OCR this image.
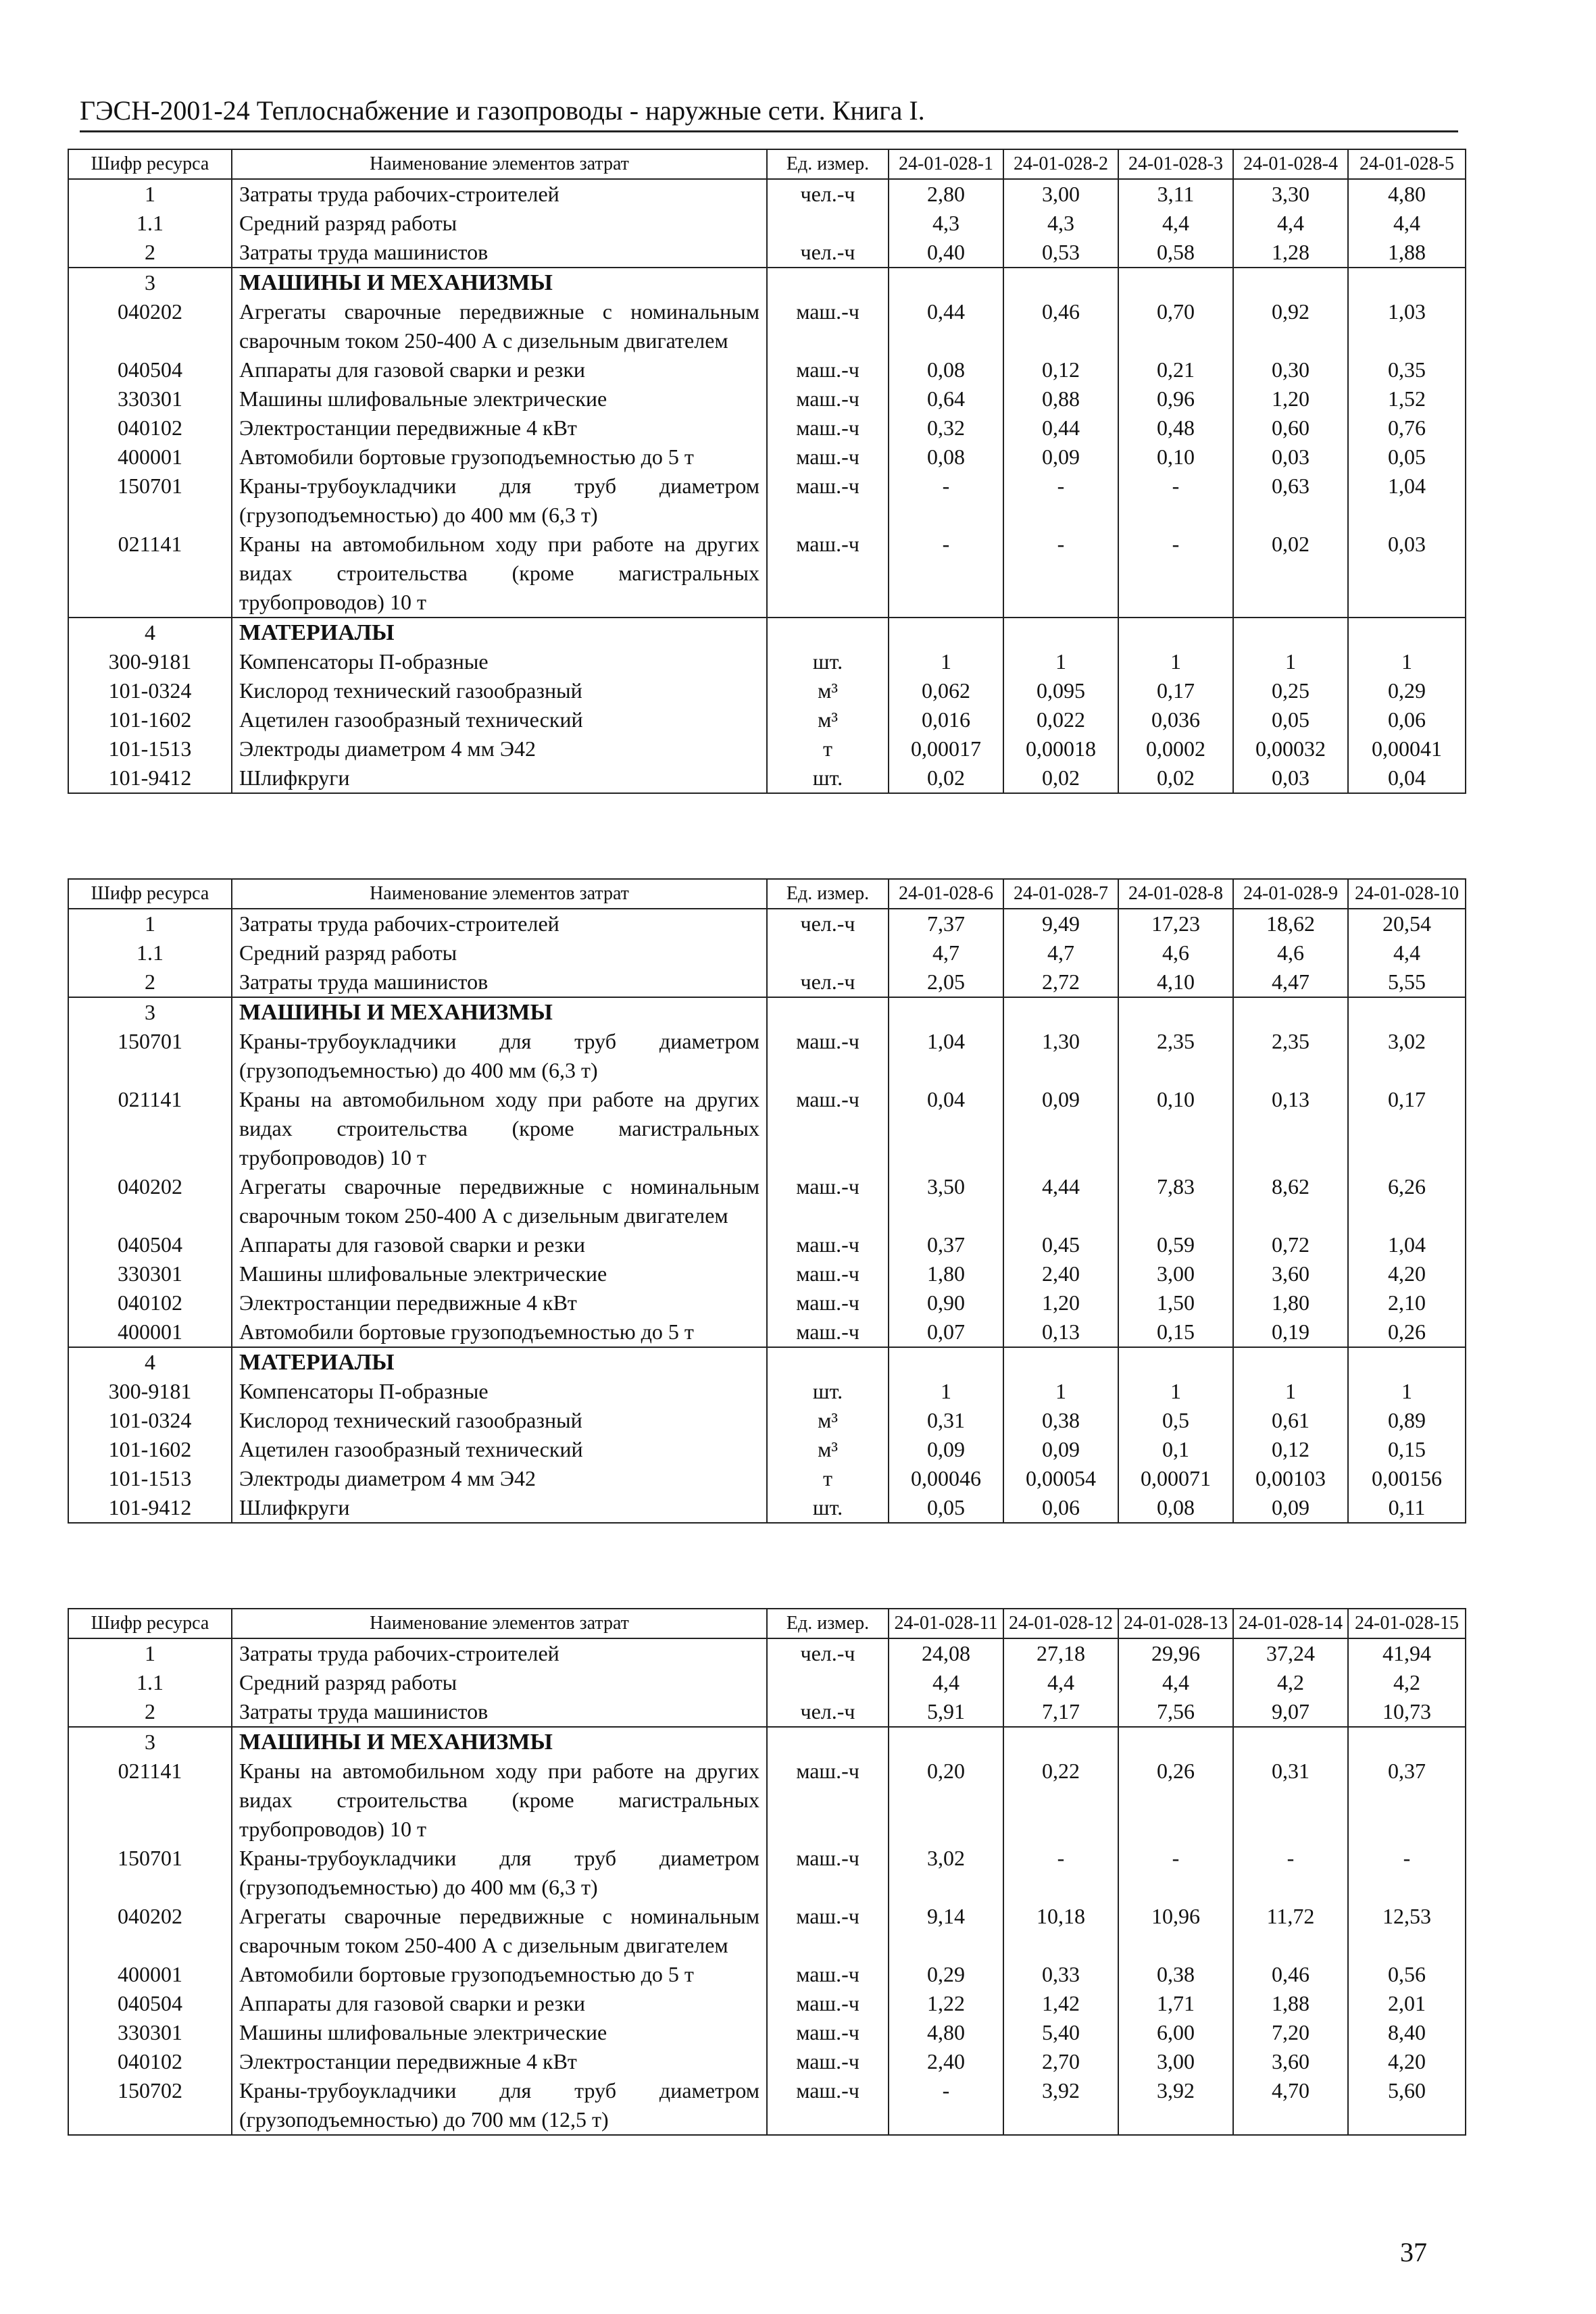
ГЭСН-2001-24 Теплоснабжение и газопроводы - наружные сети. Книга I.
Шифр ресурса	Наименование элементов затрат	Ед. измер.	24-01-028-1	24-01-028-2	24-01-028-3	24-01-028-4	24-01-028-5
1	Затраты труда рабочих-строителей	чел.-ч	2,80	3,00	3,11	3,30	4,80
1.1	Средний разряд работы		4,3	4,3	4,4	4,4	4,4
2	Затраты труда машинистов	чел.-ч	0,40	0,53	0,58	1,28	1,88
3	МАШИНЫ И МЕХАНИЗМЫ						
040202	Агрегаты сварочные передвижные с номинальным сварочным током 250-400 А с дизельным двигателем	маш.-ч	0,44	0,46	0,70	0,92	1,03
040504	Аппараты для газовой сварки и резки	маш.-ч	0,08	0,12	0,21	0,30	0,35
330301	Машины шлифовальные электрические	маш.-ч	0,64	0,88	0,96	1,20	1,52
040102	Электростанции передвижные 4 кВт	маш.-ч	0,32	0,44	0,48	0,60	0,76
400001	Автомобили бортовые грузоподъемностью до 5 т	маш.-ч	0,08	0,09	0,10	0,03	0,05
150701	Краны-трубоукладчики для труб диаметром (грузоподъемностью) до 400 мм (6,3 т)	маш.-ч	-	-	-	0,63	1,04
021141	Краны на автомобильном ходу при работе на других видах строительства (кроме магистральных трубопроводов) 10 т	маш.-ч	-	-	-	0,02	0,03
4	МАТЕРИАЛЫ						
300-9181	Компенсаторы П-образные	шт.	1	1	1	1	1
101-0324	Кислород технический газообразный	м³	0,062	0,095	0,17	0,25	0,29
101-1602	Ацетилен газообразный технический	м³	0,016	0,022	0,036	0,05	0,06
101-1513	Электроды диаметром 4 мм Э42	т	0,00017	0,00018	0,0002	0,00032	0,00041
101-9412	Шлифкруги	шт.	0,02	0,02	0,02	0,03	0,04
Шифр ресурса	Наименование элементов затрат	Ед. измер.	24-01-028-6	24-01-028-7	24-01-028-8	24-01-028-9	24-01-028-10
1	Затраты труда рабочих-строителей	чел.-ч	7,37	9,49	17,23	18,62	20,54
1.1	Средний разряд работы		4,7	4,7	4,6	4,6	4,4
2	Затраты труда машинистов	чел.-ч	2,05	2,72	4,10	4,47	5,55
3	МАШИНЫ И МЕХАНИЗМЫ						
150701	Краны-трубоукладчики для труб диаметром (грузоподъемностью) до 400 мм (6,3 т)	маш.-ч	1,04	1,30	2,35	2,35	3,02
021141	Краны на автомобильном ходу при работе на других видах строительства (кроме магистральных трубопроводов) 10 т	маш.-ч	0,04	0,09	0,10	0,13	0,17
040202	Агрегаты сварочные передвижные с номинальным сварочным током 250-400 А с дизельным двигателем	маш.-ч	3,50	4,44	7,83	8,62	6,26
040504	Аппараты для газовой сварки и резки	маш.-ч	0,37	0,45	0,59	0,72	1,04
330301	Машины шлифовальные электрические	маш.-ч	1,80	2,40	3,00	3,60	4,20
040102	Электростанции передвижные 4 кВт	маш.-ч	0,90	1,20	1,50	1,80	2,10
400001	Автомобили бортовые грузоподъемностью до 5 т	маш.-ч	0,07	0,13	0,15	0,19	0,26
4	МАТЕРИАЛЫ						
300-9181	Компенсаторы П-образные	шт.	1	1	1	1	1
101-0324	Кислород технический газообразный	м³	0,31	0,38	0,5	0,61	0,89
101-1602	Ацетилен газообразный технический	м³	0,09	0,09	0,1	0,12	0,15
101-1513	Электроды диаметром 4 мм Э42	т	0,00046	0,00054	0,00071	0,00103	0,00156
101-9412	Шлифкруги	шт.	0,05	0,06	0,08	0,09	0,11
Шифр ресурса	Наименование элементов затрат	Ед. измер.	24-01-028-11	24-01-028-12	24-01-028-13	24-01-028-14	24-01-028-15
1	Затраты труда рабочих-строителей	чел.-ч	24,08	27,18	29,96	37,24	41,94
1.1	Средний разряд работы		4,4	4,4	4,4	4,2	4,2
2	Затраты труда машинистов	чел.-ч	5,91	7,17	7,56	9,07	10,73
3	МАШИНЫ И МЕХАНИЗМЫ						
021141	Краны на автомобильном ходу при работе на других видах строительства (кроме магистральных трубопроводов) 10 т	маш.-ч	0,20	0,22	0,26	0,31	0,37
150701	Краны-трубоукладчики для труб диаметром (грузоподъемностью) до 400 мм (6,3 т)	маш.-ч	3,02	-	-	-	-
040202	Агрегаты сварочные передвижные с номинальным сварочным током 250-400 А с дизельным двигателем	маш.-ч	9,14	10,18	10,96	11,72	12,53
400001	Автомобили бортовые грузоподъемностью до 5 т	маш.-ч	0,29	0,33	0,38	0,46	0,56
040504	Аппараты для газовой сварки и резки	маш.-ч	1,22	1,42	1,71	1,88	2,01
330301	Машины шлифовальные электрические	маш.-ч	4,80	5,40	6,00	7,20	8,40
040102	Электростанции передвижные 4 кВт	маш.-ч	2,40	2,70	3,00	3,60	4,20
150702	Краны-трубоукладчики для труб диаметром (грузоподъемностью) до 700 мм (12,5 т)	маш.-ч	-	3,92	3,92	4,70	5,60
37
